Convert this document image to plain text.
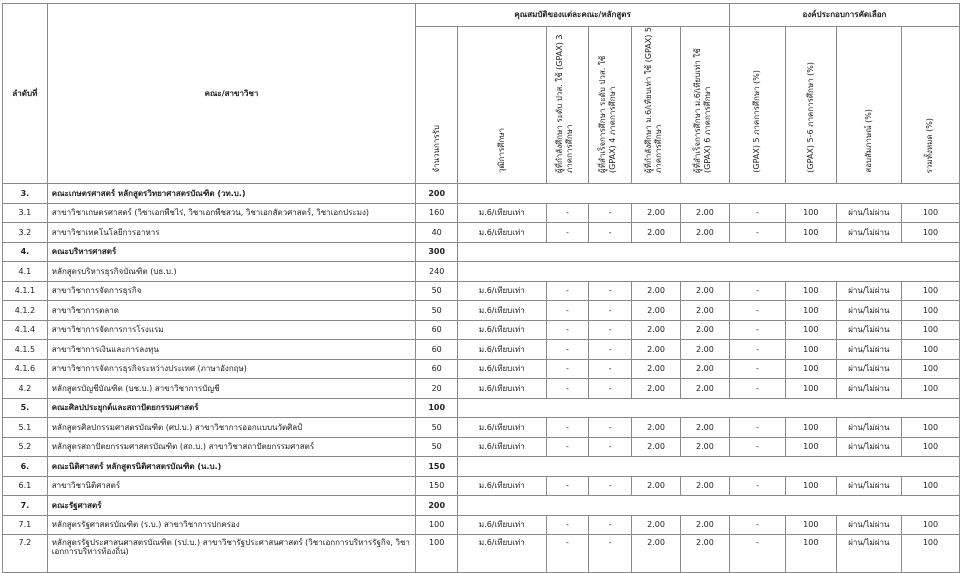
ลำดับที่	คณะ/สาขาวิชา	คุณสมบัติของแต่ละคณะ/หลักสูตร						องค์ประกอบการคัดเลือก			
		จำนวนการรับ	วุฒิการศึกษา	ผู้ที่กำลังศึกษา ระดับ ปวส. ใช้ (GPAX) 3 ภาคการศึกษา	ผู้ที่สำเร็จการศึกษา ระดับ ปวส. ใช้ (GPAX) 4 ภาคการศึกษา	ผู้ที่กำลังศึกษา ม.6/เทียบเท่า ใช้ (GPAX) 5 ภาคการศึกษา	ผู้ที่สำเร็จการศึกษา ม.6/เทียบเท่า ใช้ (GPAX) 6 ภาคการศึกษา	(GPAX) 5 ภาคการศึกษา (%)	(GPAX) 5-6 ภาคการศึกษา (%)	สอบสัมภาษณ์ (%)	รวมทั้งหมด (%)
3.	คณะเกษตรศาสตร์ หลักสูตรวิทยาศาสตรบัณฑิต (วท.บ.)	200									
3.1	สาขาวิชาเกษตรศาสตร์ (วิชาเอกพืชไร่, วิชาเอกพืชสวน, วิชาเอกสัตวศาสตร์, วิชาเอกประมง)	160	ม.6/เทียบเท่า	-	-	2.00	2.00	-	100	ผ่าน/ไม่ผ่าน	100
3.2	สาขาวิชาเทคโนโลยีการอาหาร	40	ม.6/เทียบเท่า	-	-	2.00	2.00	-	100	ผ่าน/ไม่ผ่าน	100
4.	คณะบริหารศาสตร์	300									
4.1	หลักสูตรบริหารธุรกิจบัณฑิต (บธ.บ.)	240									
4.1.1	สาขาวิชาการจัดการธุรกิจ	50	ม.6/เทียบเท่า	-	-	2.00	2.00	-	100	ผ่าน/ไม่ผ่าน	100
4.1.2	สาขาวิชาการตลาด	50	ม.6/เทียบเท่า	-	-	2.00	2.00	-	100	ผ่าน/ไม่ผ่าน	100
4.1.4	สาขาวิชาการจัดการการโรงแรม	60	ม.6/เทียบเท่า	-	-	2.00	2.00	-	100	ผ่าน/ไม่ผ่าน	100
4.1.5	สาขาวิชาการเงินและการลงทุน	60	ม.6/เทียบเท่า	-	-	2.00	2.00	-	100	ผ่าน/ไม่ผ่าน	100
4.1.6	สาขาวิชาการจัดการธุรกิจระหว่างประเทศ (ภาษาอังกฤษ)	60	ม.6/เทียบเท่า	-	-	2.00	2.00	-	100	ผ่าน/ไม่ผ่าน	100
4.2	หลักสูตรบัญชีบัณฑิต (บช.บ.) สาขาวิชาการบัญชี	20	ม.6/เทียบเท่า	-	-	2.00	2.00	-	100	ผ่าน/ไม่ผ่าน	100
5.	คณะศิลปประยุกต์และสถาปัตยกรรมศาสตร์	100									
5.1	หลักสูตรศิลปกรรมศาสตรบัณฑิต (ศป.บ.) สาขาวิชาการออกแบบนวัตศิลป์	50	ม.6/เทียบเท่า	-	-	2.00	2.00	-	100	ผ่าน/ไม่ผ่าน	100
5.2	หลักสูตรสถาปัตยกรรมศาสตรบัณฑิต (สถ.บ.) สาขาวิชาสถาปัตยกรรมศาสตร์	50	ม.6/เทียบเท่า	-	-	2.00	2.00	-	100	ผ่าน/ไม่ผ่าน	100
6.	คณะนิติศาสตร์ หลักสูตรนิติศาสตรบัณฑิต (น.บ.)	150									
6.1	สาขาวิชานิติศาสตร์	150	ม.6/เทียบเท่า	-	-	2.00	2.00	-	100	ผ่าน/ไม่ผ่าน	100
7.	คณะรัฐศาสตร์	200									
7.1	หลักสูตรรัฐศาสตรบัณฑิต (ร.บ.) สาขาวิชาการปกครอง	100	ม.6/เทียบเท่า	-	-	2.00	2.00	-	100	ผ่าน/ไม่ผ่าน	100
7.2	หลักสูตรรัฐประศาสนศาสตรบัณฑิต (รป.บ.) สาขาวิชารัฐประศาสนศาสตร์ (วิชาเอกการบริหารรัฐกิจ, วิชาเอกการบริหารท้องถิ่น)	100	ม.6/เทียบเท่า	-	-	2.00	2.00	-	100	ผ่าน/ไม่ผ่าน	100
